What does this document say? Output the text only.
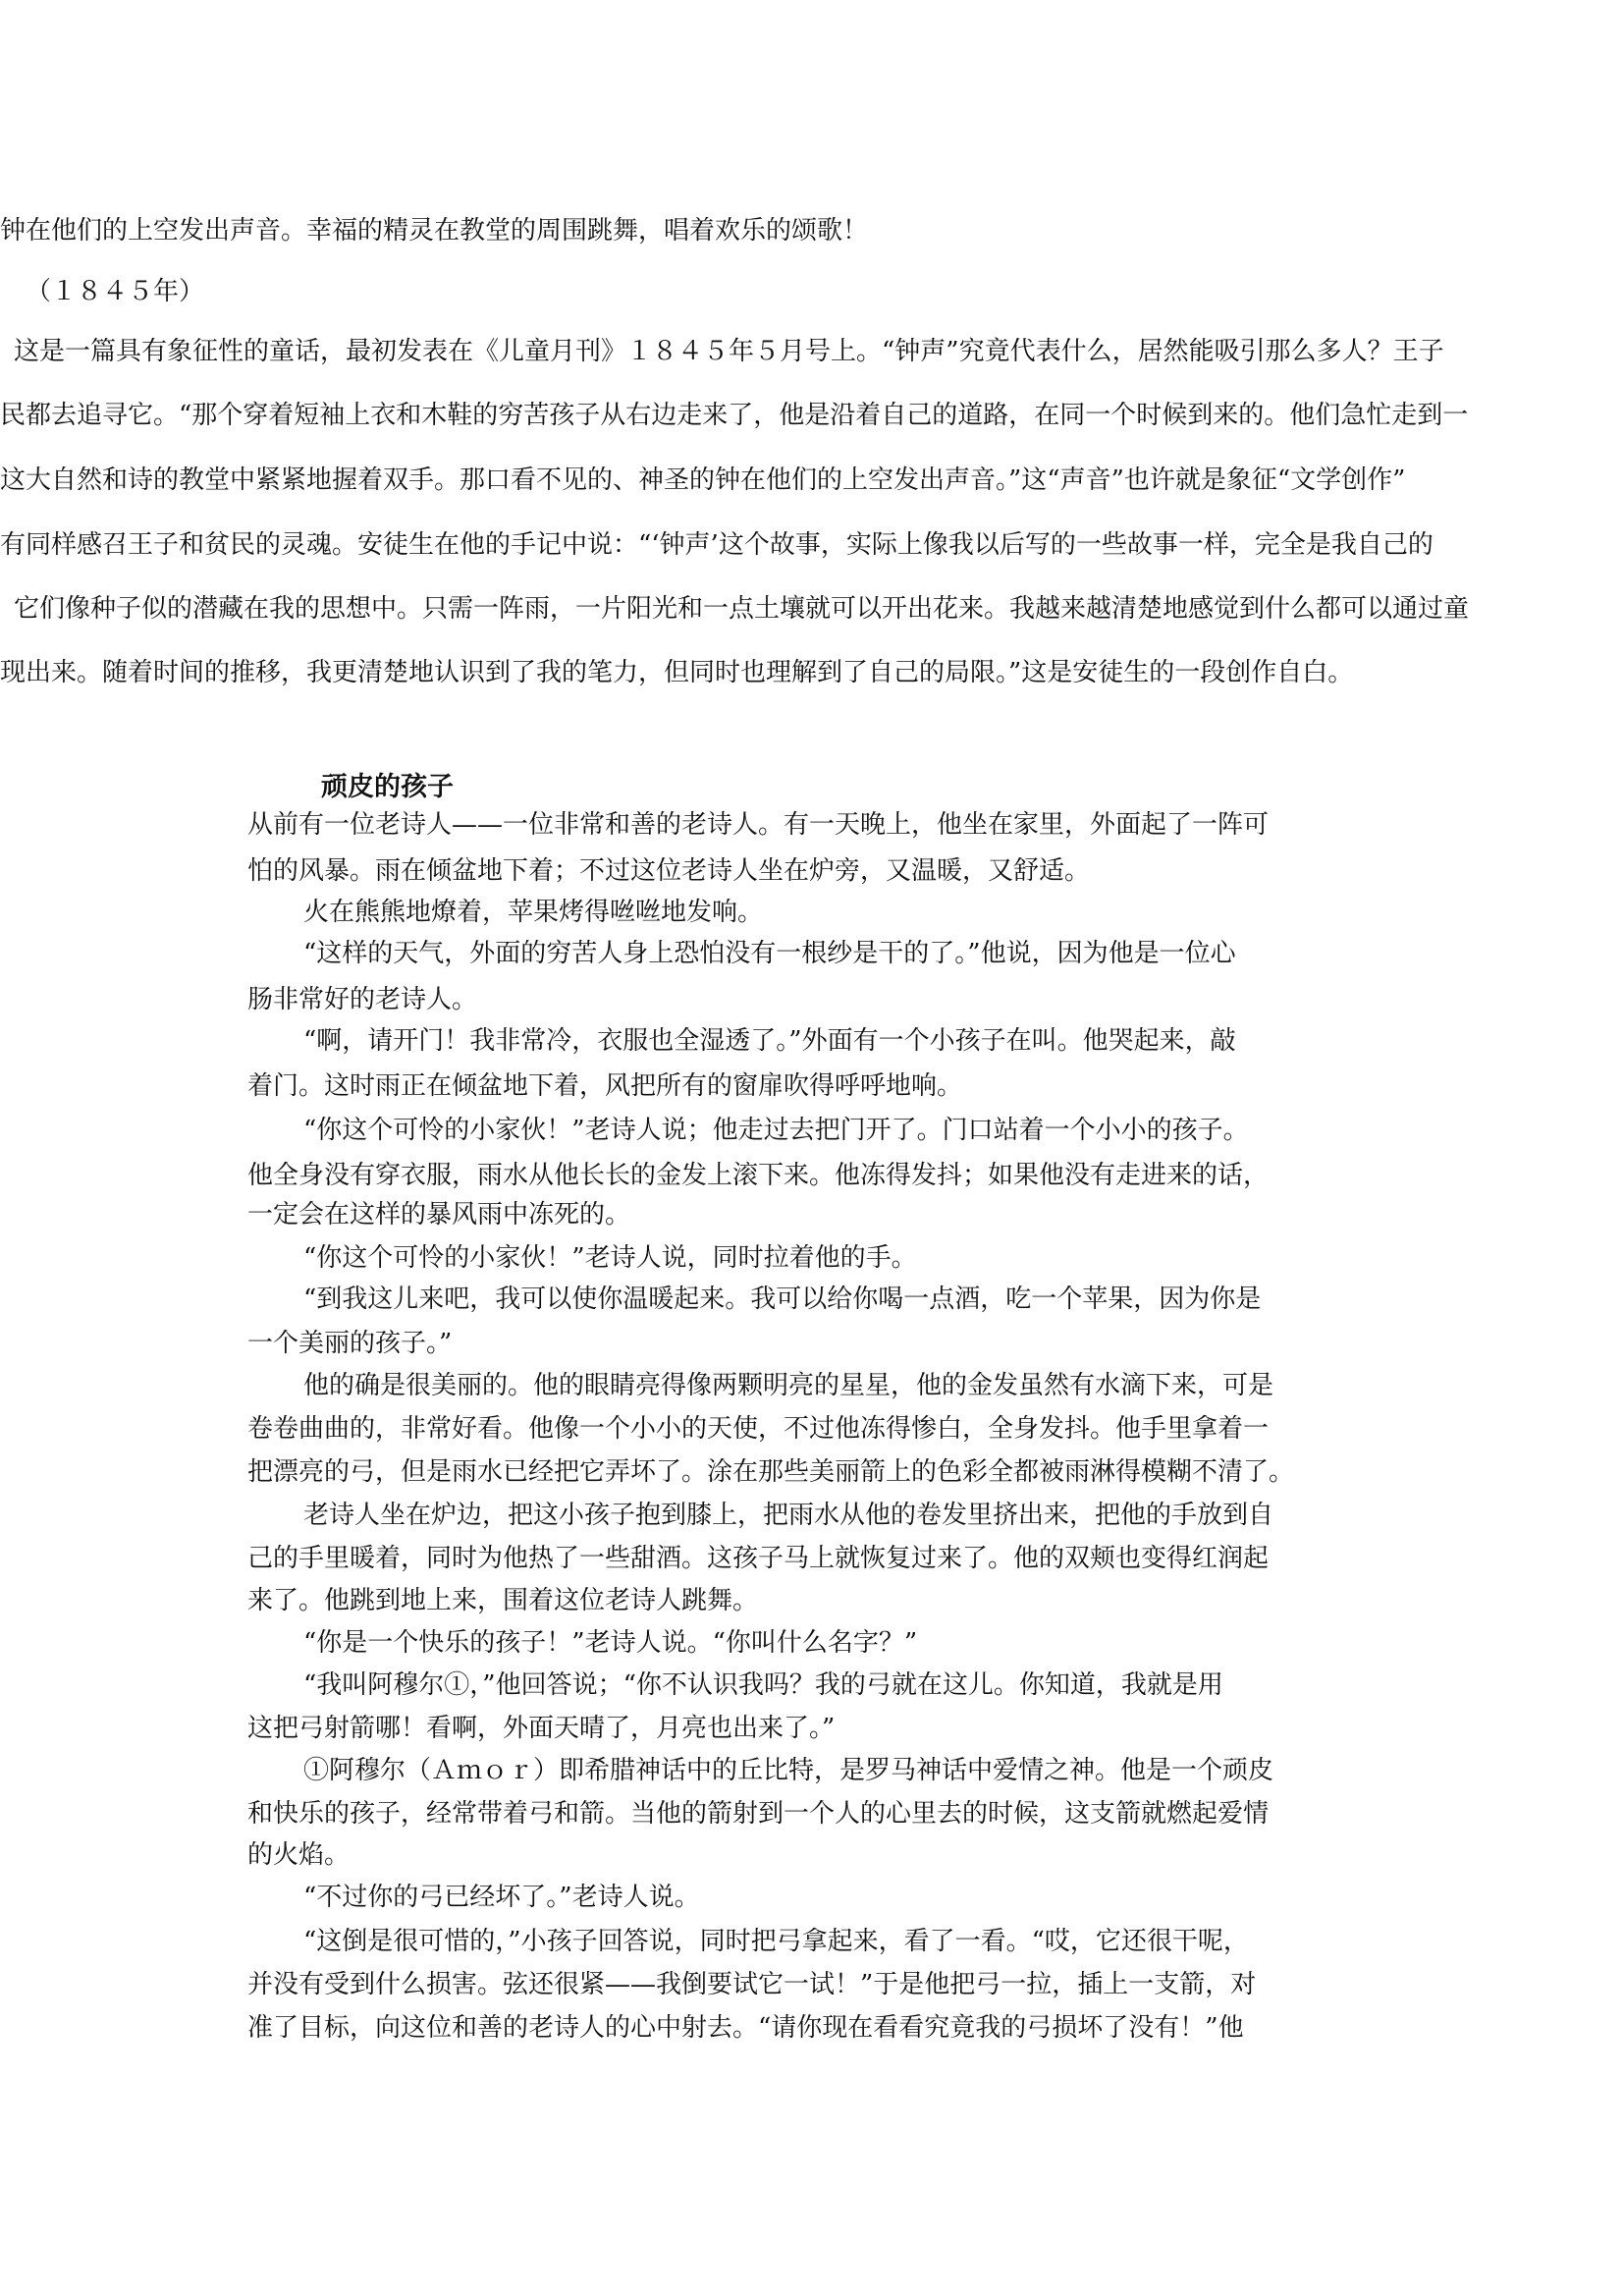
钟在他们的上空发出声音。幸福的精灵在教堂的周围跳舞，唱着欢乐的颂歌！
（１８４５年）
这是一篇具有象征性的童话，最初发表在《儿童月刊》１８４５年５月号上。“钟声”究竟代表什么，居然能吸引那么多人？王子
民都去追寻它。“那个穿着短袖上衣和木鞋的穷苦孩子从右边走来了，他是沿着自己的道路，在同一个时候到来的。他们急忙走到一
这大自然和诗的教堂中紧紧地握着双手。那口看不见的、神圣的钟在他们的上空发出声音。”这“声音”也许就是象征“文学创作”
有同样感召王子和贫民的灵魂。安徒生在他的手记中说：“‘钟声’这个故事，实际上像我以后写的一些故事一样，完全是我自己的
它们像种子似的潜藏在我的思想中。只需一阵雨，一片阳光和一点土壤就可以开出花来。我越来越清楚地感觉到什么都可以通过童
现出来。随着时间的推移，我更清楚地认识到了我的笔力，但同时也理解到了自己的局限。”这是安徒生的一段创作自白。
顽皮的孩子
从前有一位老诗人——一位非常和善的老诗人。有一天晚上，他坐在家里，外面起了一阵可
怕的风暴。雨在倾盆地下着；不过这位老诗人坐在炉旁，又温暖，又舒适。
火在熊熊地燎着，苹果烤得咝咝地发响。
“这样的天气，外面的穷苦人身上恐怕没有一根纱是干的了。”他说，因为他是一位心
肠非常好的老诗人。
“啊，请开门！我非常冷，衣服也全湿透了。”外面有一个小孩子在叫。他哭起来，敲
着门。这时雨正在倾盆地下着，风把所有的窗扉吹得呼呼地响。
“你这个可怜的小家伙！”老诗人说；他走过去把门开了。门口站着一个小小的孩子。
他全身没有穿衣服，雨水从他长长的金发上滚下来。他冻得发抖；如果他没有走进来的话，
一定会在这样的暴风雨中冻死的。
“你这个可怜的小家伙！”老诗人说，同时拉着他的手。
“到我这儿来吧，我可以使你温暖起来。我可以给你喝一点酒，吃一个苹果，因为你是
一个美丽的孩子。”
他的确是很美丽的。他的眼睛亮得像两颗明亮的星星，他的金发虽然有水滴下来，可是
卷卷曲曲的，非常好看。他像一个小小的天使，不过他冻得惨白，全身发抖。他手里拿着一
把漂亮的弓，但是雨水已经把它弄坏了。涂在那些美丽箭上的色彩全都被雨淋得模糊不清了。
老诗人坐在炉边，把这小孩子抱到膝上，把雨水从他的卷发里挤出来，把他的手放到自
己的手里暖着，同时为他热了一些甜酒。这孩子马上就恢复过来了。他的双颊也变得红润起
来了。他跳到地上来，围着这位老诗人跳舞。
“你是一个快乐的孩子！”老诗人说。“你叫什么名字？”
“我叫阿穆尔①，”他回答说；“你不认识我吗？我的弓就在这儿。你知道，我就是用
这把弓射箭哪！看啊，外面天晴了，月亮也出来了。”
①阿穆尔（Ａｍｏｒ）即希腊神话中的丘比特，是罗马神话中爱情之神。他是一个顽皮
和快乐的孩子，经常带着弓和箭。当他的箭射到一个人的心里去的时候，这支箭就燃起爱情
的火焰。
“不过你的弓已经坏了。”老诗人说。
“这倒是很可惜的，”小孩子回答说，同时把弓拿起来，看了一看。“哎，它还很干呢，
并没有受到什么损害。弦还很紧——我倒要试它一试！”于是他把弓一拉，插上一支箭，对
准了目标，向这位和善的老诗人的心中射去。“请你现在看看究竟我的弓损坏了没有！”他
